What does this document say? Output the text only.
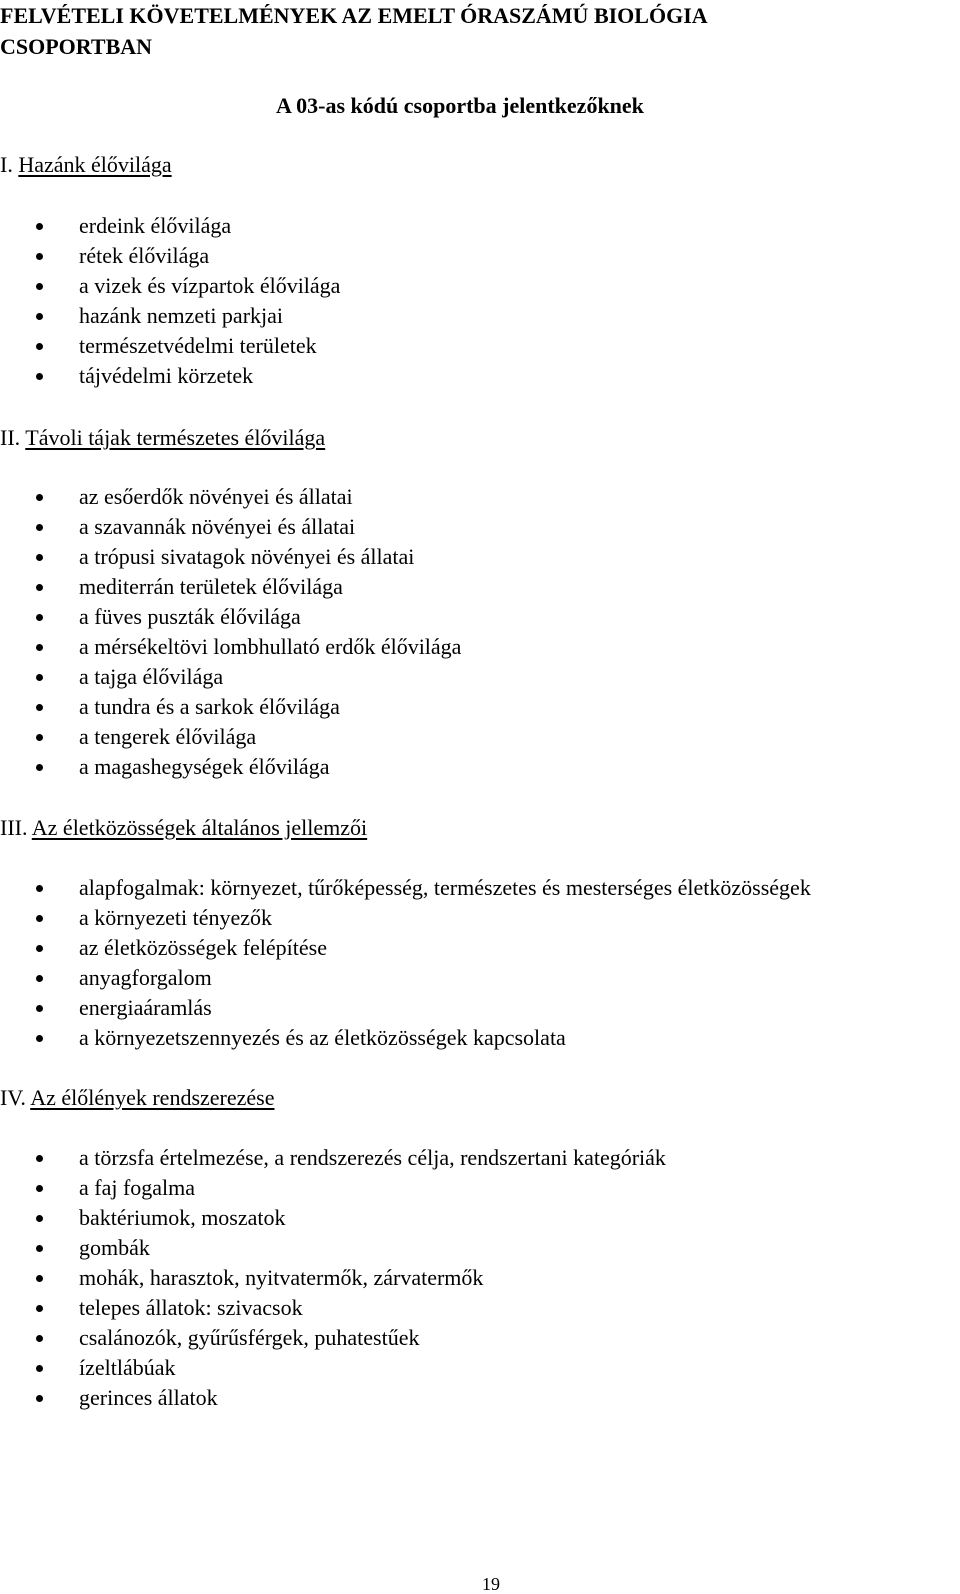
FELVÉTELI KÖVETELMÉNYEK AZ EMELT ÓRASZÁMÚ BIOLÓGIA
CSOPORTBAN
A 03-as kódú csoportba jelentkezőknek
I. Hazánk élővilága
erdeink élővilága
rétek élővilága
a vizek és vízpartok élővilága
hazánk nemzeti parkjai
természetvédelmi területek
tájvédelmi körzetek
II. Távoli tájak természetes élővilága
az esőerdők növényei és állatai
a szavannák növényei és állatai
a trópusi sivatagok növényei és állatai
mediterrán területek élővilága
a füves puszták élővilága
a mérsékeltövi lombhullató erdők élővilága
a tajga élővilága
a tundra és a sarkok élővilága
a tengerek élővilága
a magashegységek élővilága
III. Az életközösségek általános jellemzői
alapfogalmak: környezet, tűrőképesség, természetes és mesterséges életközösségek
a környezeti tényezők
az életközösségek felépítése
anyagforgalom
energiaáramlás
a környezetszennyezés és az életközösségek kapcsolata
IV. Az élőlények rendszerezése
a törzsfa értelmezése, a rendszerezés célja, rendszertani kategóriák
a faj fogalma
baktériumok, moszatok
gombák
mohák, harasztok, nyitvatermők, zárvatermők
telepes állatok: szivacsok
csalánozók, gyűrűsférgek, puhatestűek
ízeltlábúak
gerinces állatok
19
